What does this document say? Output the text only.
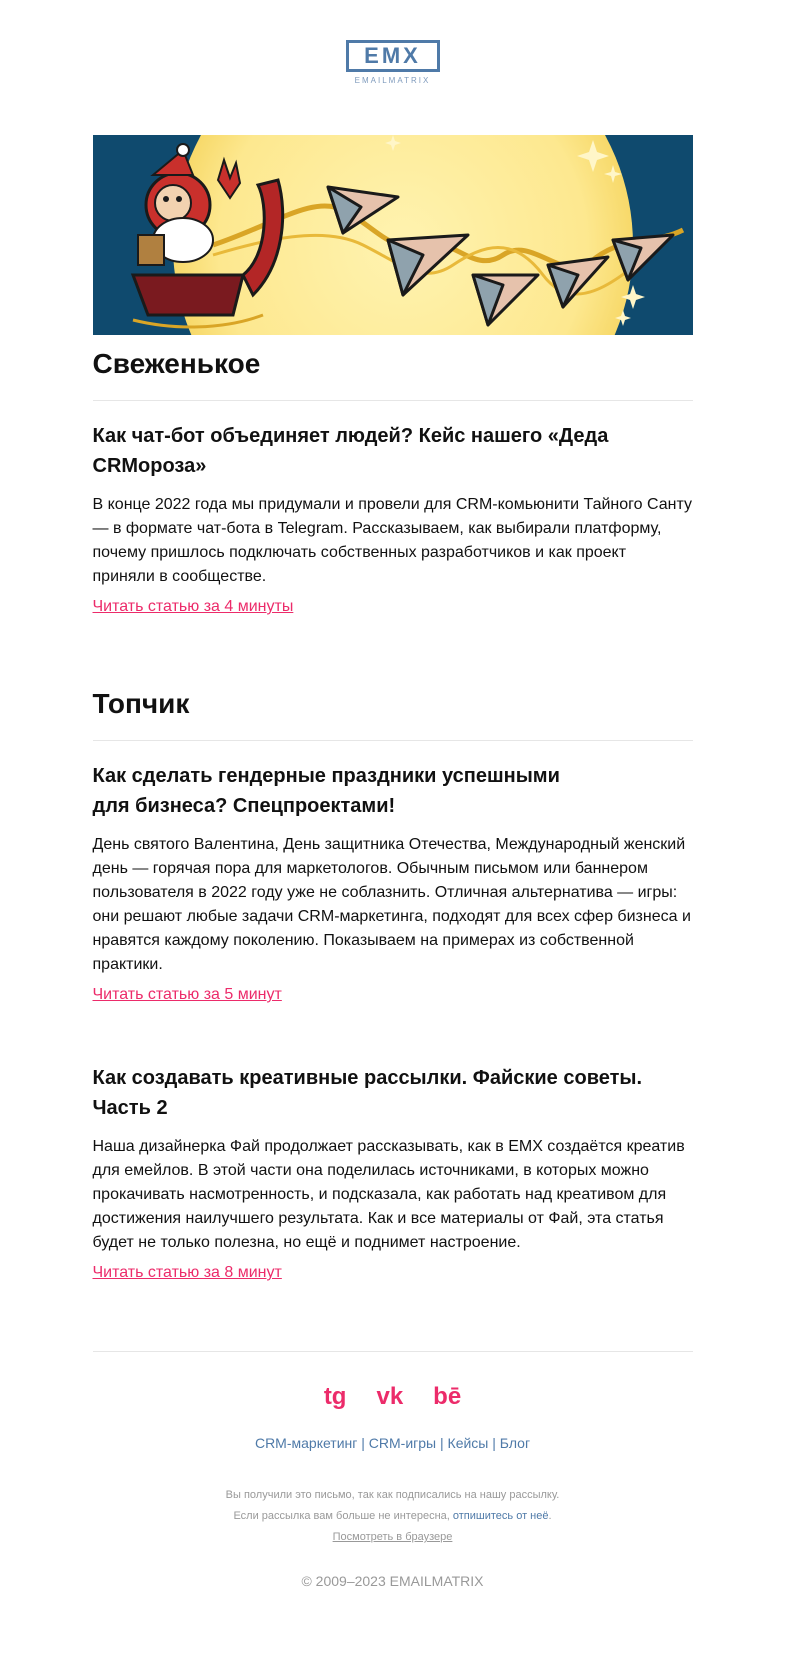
EMX
EMAILMATRIX
Свеженькое
Как чат-бот объединяет людей? Кейс нашего «Деда CRMороза»

В конце 2022 года мы придумали и провели для CRM-комьюнити Тайного Санту — в формате чат-бота в Telegram. Рассказываем, как выбирали платформу, почему пришлось подключать собственных разработчиков и как проект приняли в сообществе.

Читать статью за 4 минуты
Топчик
Как сделать гендерные праздники успешными для бизнеса? Спецпроектами!

День святого Валентина, День защитника Отечества, Международный женский день — горячая пора для маркетологов. Обычным письмом или баннером пользователя в 2022 году уже не соблазнить. Отличная альтернатива — игры: они решают любые задачи CRM-маркетинга, подходят для всех сфер бизнеса и нравятся каждому поколению. Показываем на примерах из собственной практики.

Читать статью за 5 минут
Как создавать креативные рассылки. Файские советы. Часть 2

Наша дизайнерка Фай продолжает рассказывать, как в EMX создаётся креатив для емейлов. В этой части она поделилась источниками, в которых можно прокачивать насмотренность, и подсказала, как работать над креативом для достижения наилучшего результата. Как и все материалы от Фай, эта статья будет не только полезна, но ещё и поднимет настроение.

Читать статью за 8 минут
tg vk bē
CRM-маркетинг | CRM-игры | Кейсы | Блог
Вы получили это письмо, так как подписались на нашу рассылку.
Если рассылка вам больше не интересна, отпишитесь от неё.
Посмотреть в браузере
© 2009–2023 EMAILMATRIX
